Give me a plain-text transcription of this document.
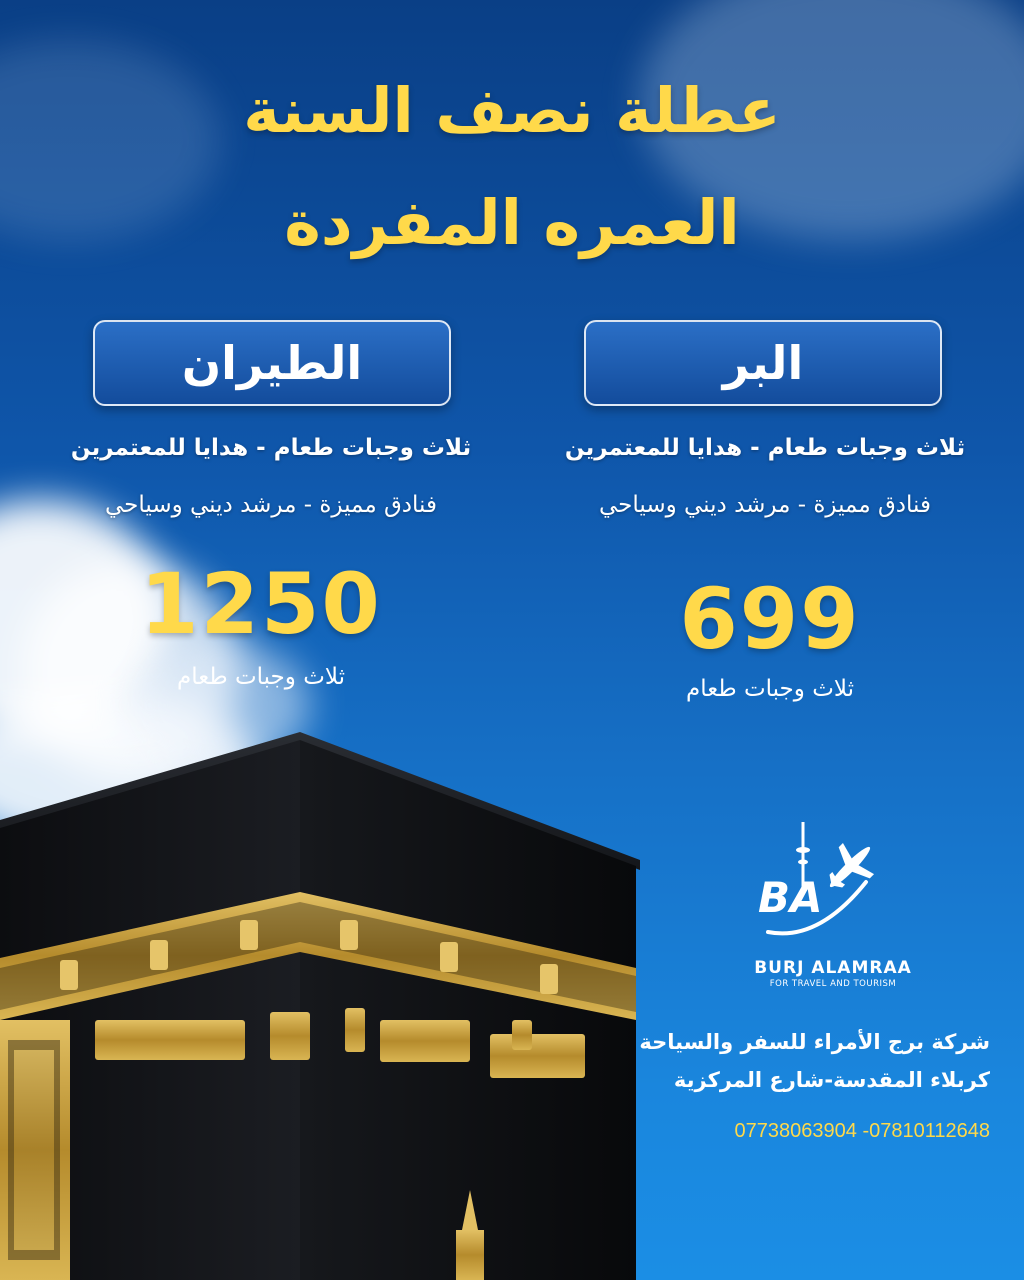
عطلة نصف السنة
العمره المفردة
البر
ثلاث وجبات طعام - هدايا للمعتمرين
فنادق مميزة - مرشد ديني وسياحي
699
ثلاث وجبات طعام
الطيران
ثلاث وجبات طعام - هدايا للمعتمرين
فنادق مميزة - مرشد ديني وسياحي
1250
ثلاث وجبات طعام
BA
BURJ ALAMRAA
FOR TRAVEL AND TOURISM
شركة برج الأمراء للسفر والسياحة
كربلاء المقدسة-شارع المركزية
07738063904 -07810112648
